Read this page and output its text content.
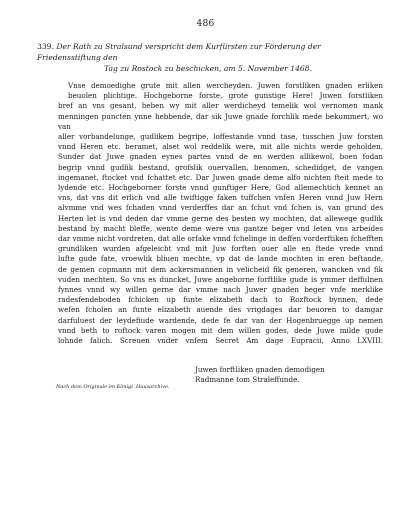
486
339. Der Rath zu Stralsund verspricht dem Kurfürsten zur Förderung der Friedensstiftung den
Tag zu Rostock zu beschicken, am 5. November 1468.
Vnse demoedighe grute mit allen wercheyden. Juwen forstliken gnaden erliken beuolen plichtige. Hochgeborne forste, grote gunstige Here! Juwen forstliken
bref an vns gesant, heben wy mit aller werdicheyd temelik wol vernomen mank menningen puncten ynne hebbende, dar sik Juwe gnade forchlik mede bekummert, wo van
aller vorbandelunge, gudlikem begripe, loffestande vnnd tase, tusschen Juw forsten
vnnd Heren etc. beramet, alset wol reddelik were, mit alle nichts werde geholden,
Sunder dat Juwe gnaden eynes partes vnnd de en werden allikewol, boen fodan
begrip vnnd gudlik bestand, grofslik ouervallen, benomen, schedidget, de vangen ingemanet, ftocket vnd fchattet etc. Dar Juwen gnade deme alfo nichten fteit mede to
lydende etc. Hochgeborner forste vnnd gunftiger Here, God allemechtich kennet an
vns, dat vns dit erlich vnd alle twiftigge faken tuffchen vnfen Heren vnnd Juw Hern
alvmme vnd wes fchaden vnnd verderffes dar an fchut vnd fchen is, van grund des
Herten let is vnd deden dar vmme gerne des besten wy mochten, dat allewege gudlik
bestand by macht bleffe, wente deme were vns gantze beger vnd leten vns arbeides
dar vmme nicht vordreten, dat alle orfake vnnd fchelinge in deffen vorderftiken fchefften grundliken wurden afgeleicht vnd mit Juw forften ouer alle en ftede vrede vnnd
lufte gude fate, vroewlik bliuen mechte, vp dat de lande mochten in eren beftande,
de gemen copmann mit dem ackersmannen in velicheid fik generen, wancken vnd fik
vuden mechten. So vns es duncket, Juwe angeborne forftlike gude is ymmer deffulnen fynnes vnnd wy willen gerne dar vmme nach Juwer gnaden beger vnfe merklike radesfendeboden fchicken up funte elizabeth dach to Rozftock bynnen, dede
wefen fcholen an funte elizabeth auende des vrigdages dar beuoren to damgar darfuluest der leydefiude wardende, dede fe dar van der Hogenbruegge up nemen
vnnd beth to roftock varen mogen mit dem willen godes, dede Juwe milde gude
lohnde falich. Screuen vnder vnfem Secret Am dage Eupracii, Anno LXVIII.
Juwen forftliken gnaden demodigen
Radmanne tom Straleffunde.
Nach dem Originale im Königl. Hausarchive.
